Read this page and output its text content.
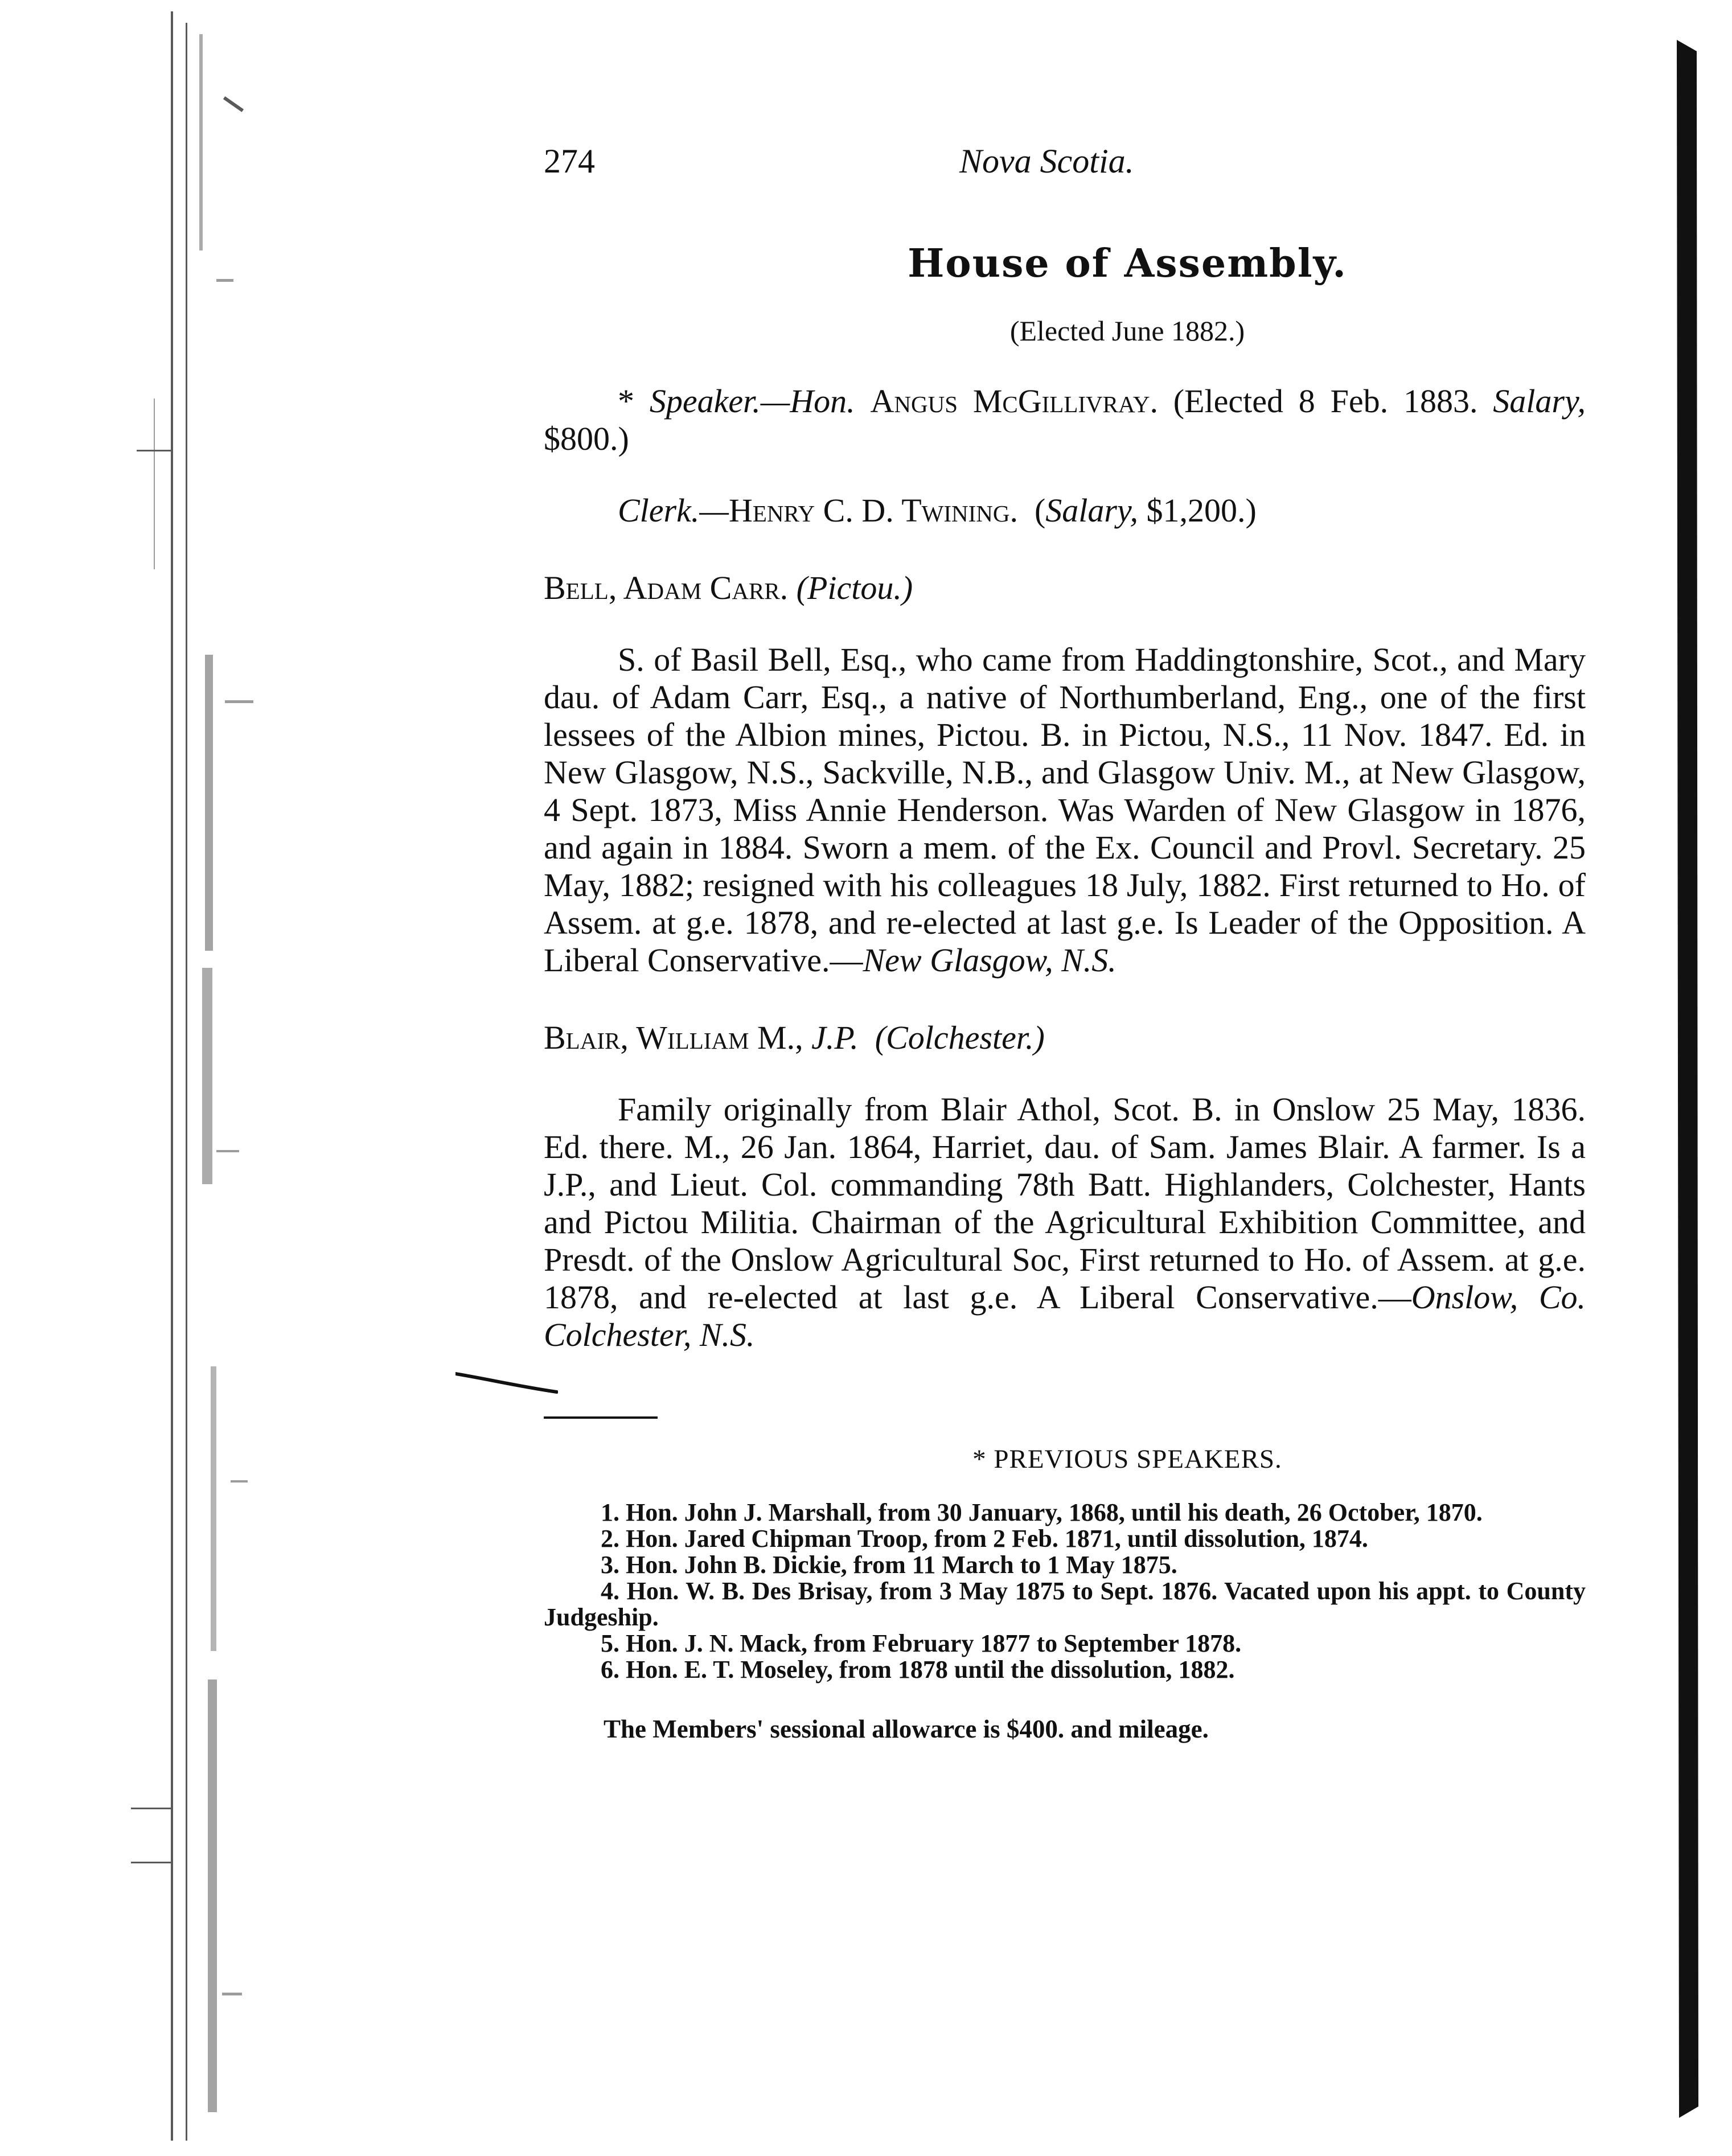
274	Nova Scotia.
House of Assembly.
(Elected June 1882.)
* Speaker.—Hon. Angus McGillivray. (Elected 8 Feb. 1883. Salary, $800.)
Clerk.—Henry C. D. Twining. (Salary, $1,200.)
Bell, Adam Carr. (Pictou.)
S. of Basil Bell, Esq., who came from Haddingtonshire, Scot., and Mary dau. of Adam Carr, Esq., a native of Northumberland, Eng., one of the first lessees of the Albion mines, Pictou. B. in Pictou, N.S., 11 Nov. 1847. Ed. in New Glasgow, N.S., Sackville, N.B., and Glasgow Univ. M., at New Glasgow, 4 Sept. 1873, Miss Annie Henderson. Was Warden of New Glasgow in 1876, and again in 1884. Sworn a mem. of the Ex. Council and Provl. Secretary. 25 May, 1882; resigned with his colleagues 18 July, 1882. First returned to Ho. of Assem. at g.e. 1878, and re-elected at last g.e. Is Leader of the Opposition. A Liberal Conservative.—New Glasgow, N.S.
Blair, William M., J.P. (Colchester.)
Family originally from Blair Athol, Scot. B. in Onslow 25 May, 1836. Ed. there. M., 26 Jan. 1864, Harriet, dau. of Sam. James Blair. A farmer. Is a J.P., and Lieut. Col. commanding 78th Batt. Highlanders, Colchester, Hants and Pictou Militia. Chairman of the Agricultural Exhibition Committee, and Presdt. of the Onslow Agricultural Soc, First returned to Ho. of Assem. at g.e. 1878, and re-elected at last g.e. A Liberal Conservative.—Onslow, Co. Colchester, N.S.
* PREVIOUS SPEAKERS.

1. Hon. John J. Marshall, from 30 January, 1868, until his death, 26 October, 1870.

2. Hon. Jared Chipman Troop, from 2 Feb. 1871, until dissolution, 1874.

3. Hon. John B. Dickie, from 11 March to 1 May 1875.

4. Hon. W. B. Des Brisay, from 3 May 1875 to Sept. 1876. Vacated upon his appt. to County Judgeship.

5. Hon. J. N. Mack, from February 1877 to September 1878.

6. Hon. E. T. Moseley, from 1878 until the dissolution, 1882.

The Members' sessional allowarce is $400. and mileage.
